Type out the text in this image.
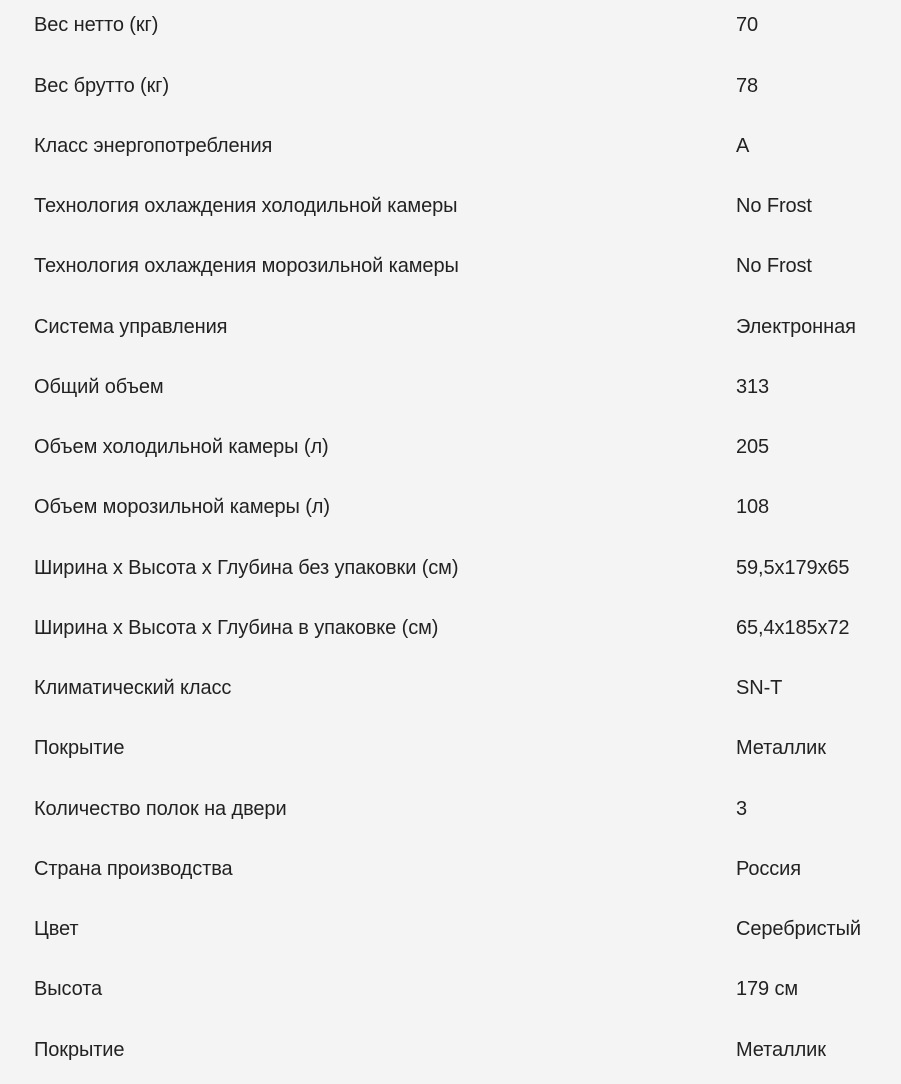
Вес нетто (кг)	70
Вес брутто (кг)	78
Класс энергопотребления	A
Технология охлаждения холодильной камеры	No Frost
Технология охлаждения морозильной камеры	No Frost
Система управления	Электронная
Общий объем	313
Объем холодильной камеры (л)	205
Объем морозильной камеры (л)	108
Ширина x Высота x Глубина без упаковки (см)	59,5x179x65
Ширина x Высота x Глубина в упаковке (см)	65,4x185x72
Климатический класс	SN-T
Покрытие	Металлик
Количество полок на двери	3
Страна производства	Россия
Цвет	Серебристый
Высота	179 см
Покрытие	Металлик
